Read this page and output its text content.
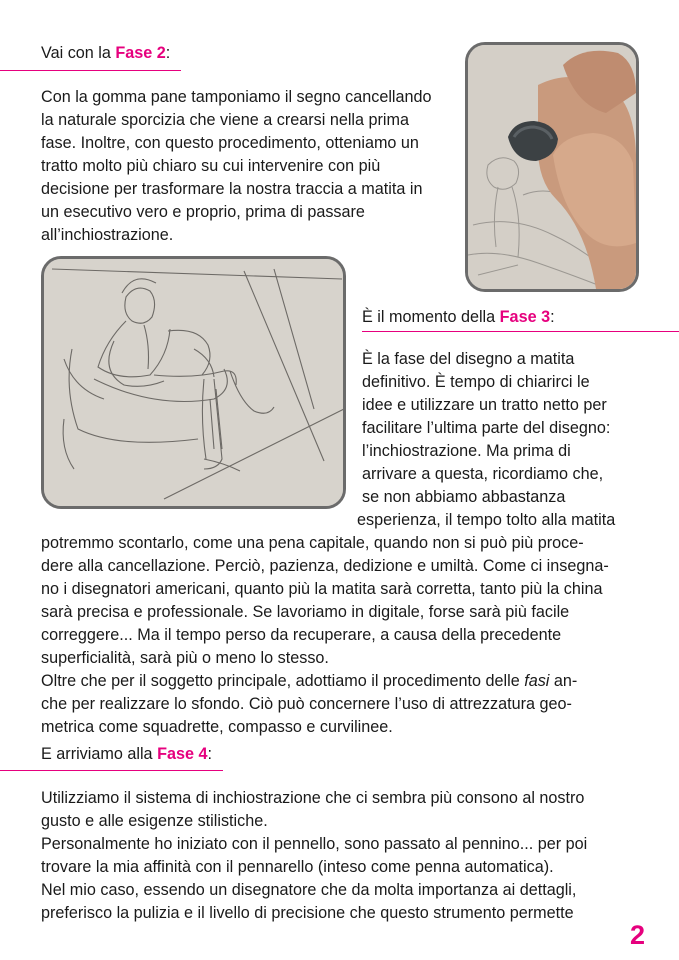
Vai con la Fase 2:
Con la gomma pane tamponiamo il segno cancellando
la naturale sporcizia che viene a crearsi nella prima
fase. Inoltre, con questo procedimento, otteniamo un
tratto molto più chiaro su cui intervenire con più
decisione per trasformare la nostra traccia a matita in
un esecutivo vero e proprio, prima di passare
all’inchiostrazione.
È il momento della Fase 3:
È la fase del disegno a matita
definitivo. È tempo di chiarirci le
idee e utilizzare un tratto netto per
facilitare l’ultima parte del disegno:
l’inchiostrazione. Ma prima di
arrivare a questa, ricordiamo che,
se non abbiamo abbastanza
esperienza, il tempo tolto alla matita
potremmo scontarlo, come una pena capitale, quando non si può più proce-
dere alla cancellazione. Perciò, pazienza, dedizione e umiltà. Come ci insegna-
no i disegnatori americani, quanto più la matita sarà corretta, tanto più la china
sarà precisa e professionale. Se lavoriamo in digitale, forse sarà più facile
correggere... Ma il tempo perso da recuperare, a causa della precedente
superficialità, sarà più o meno lo stesso.
Oltre che per il soggetto principale, adottiamo il procedimento delle fasi an-
che per realizzare lo sfondo. Ciò può concernere l’uso di attrezzatura geo-
metrica come squadrette, compasso e curvilinee.
E arriviamo alla Fase 4:
Utilizziamo il sistema di inchiostrazione che ci sembra più consono al nostro
gusto e alle esigenze stilistiche.
Personalmente ho iniziato con il pennello, sono passato al pennino... per poi
trovare la mia affinità con il pennarello (inteso come penna automatica).
Nel mio caso, essendo un disegnatore che da molta importanza ai dettagli,
preferisco la pulizia e il livello di precisione che questo strumento permette
2
